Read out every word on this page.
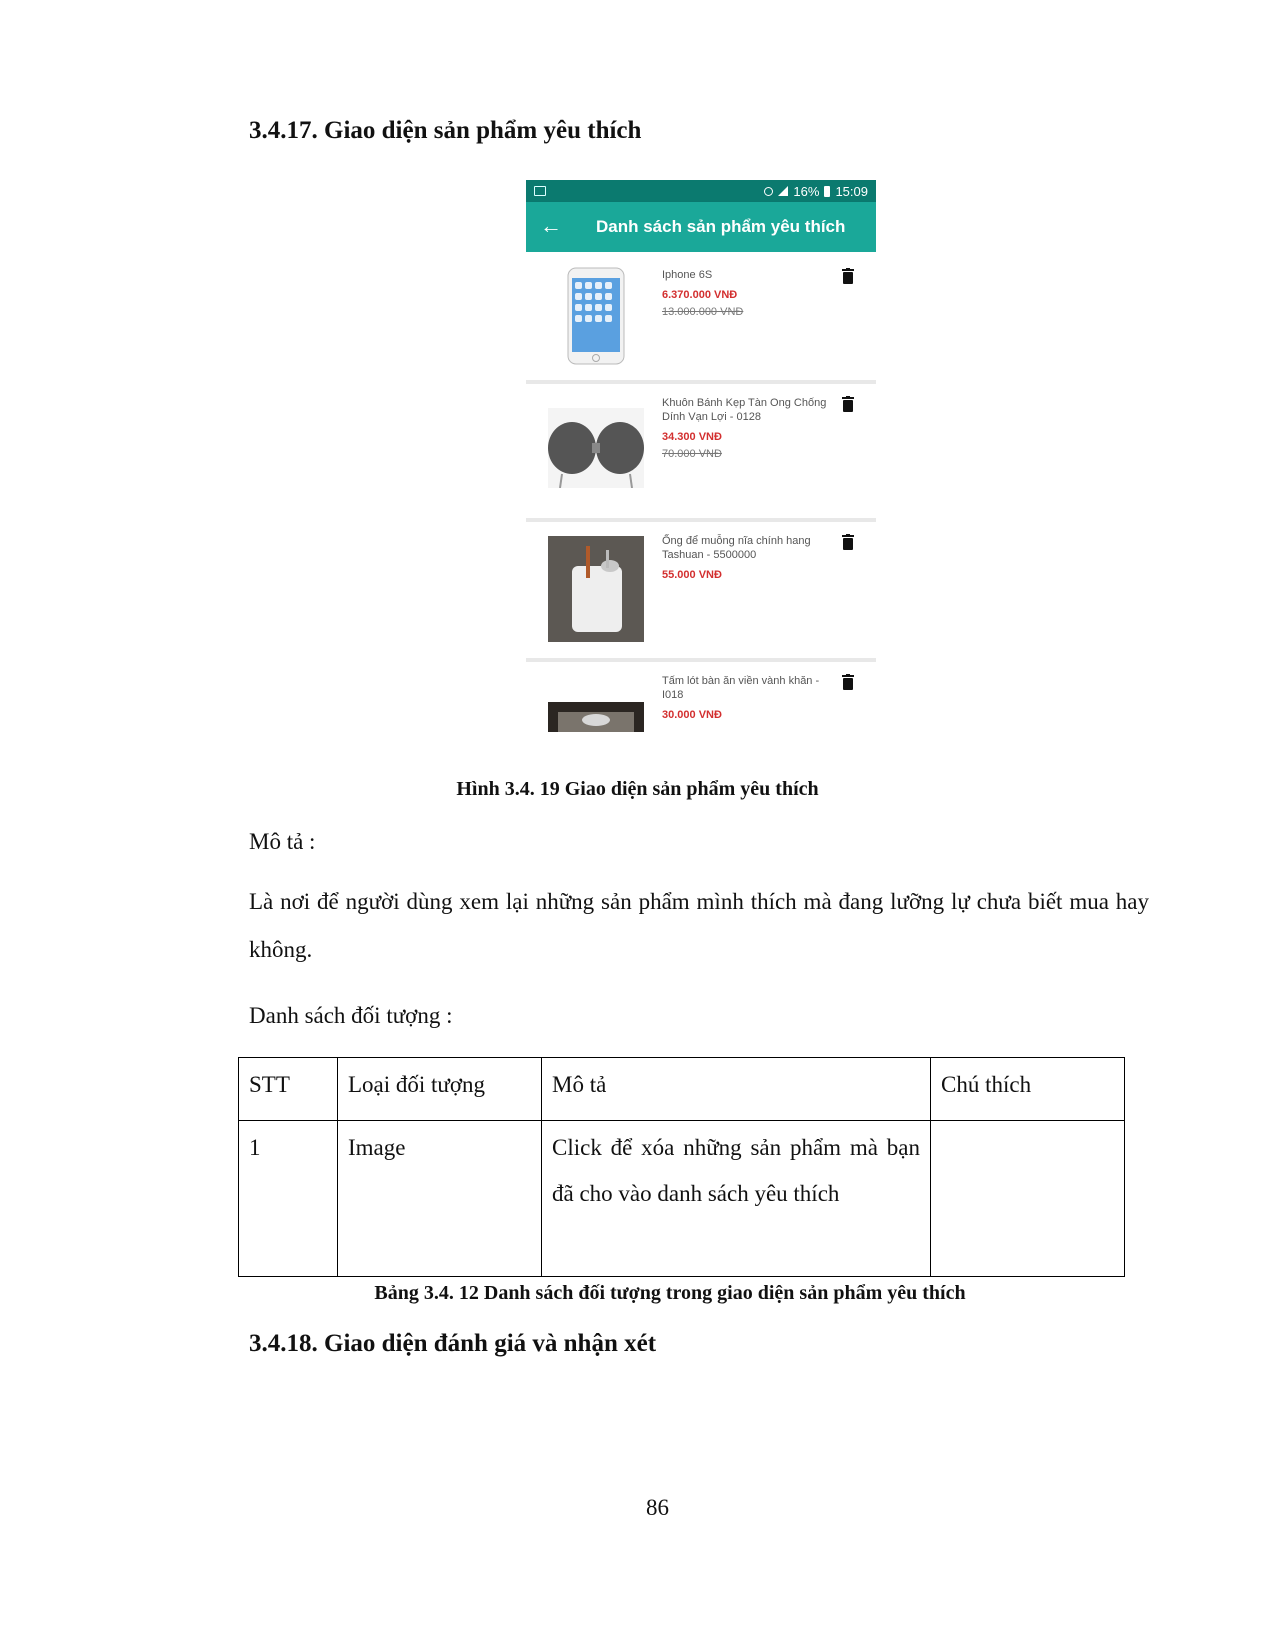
3.4.17. Giao diện sản phẩm yêu thích
16% 15:09
← Danh sách sản phẩm yêu thích
Iphone 6S
6.370.000 VNĐ
13.000.000 VNĐ
Khuôn Bánh Kẹp Tàn Ong Chống Dính Vạn Lợi - 0128
34.300 VNĐ
70.000 VNĐ
Ống để muỗng nĩa chính hang Tashuan - 5500000
55.000 VNĐ
Tấm lót bàn ăn viền vành khăn - I018
30.000 VNĐ
Hình 3.4. 19 Giao diện sản phẩm yêu thích

Mô tả :

Là nơi để người dùng xem lại những sản phẩm mình thích mà đang lưỡng lự chưa biết mua hay không.

Danh sách đối tượng :

STT	Loại đối tượng	Mô tả	Chú thích
1	Image	Click để xóa những sản phẩm mà bạn đã cho vào danh sách yêu thích	
Bảng 3.4. 12 Danh sách đối tượng trong giao diện sản phẩm yêu thích
3.4.18. Giao diện đánh giá và nhận xét
86
